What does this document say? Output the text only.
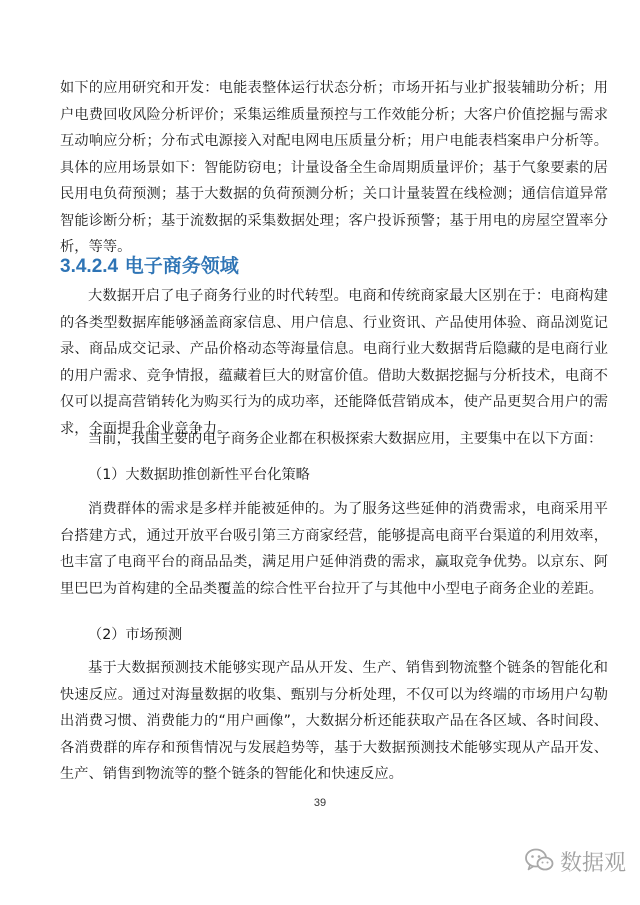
如下的应用研究和开发：电能表整体运行状态分析；市场开拓与业扩报装辅助分析；用户电费回收风险分析评价；采集运维质量预控与工作效能分析；大客户价值挖掘与需求互动响应分析；分布式电源接入对配电网电压质量分析；用户电能表档案串户分析等。具体的应用场景如下：智能防窃电；计量设备全生命周期质量评价；基于气象要素的居民用电负荷预测；基于大数据的负荷预测分析；关口计量装置在线检测；通信信道异常智能诊断分析；基于流数据的采集数据处理；客户投诉预警；基于用电的房屋空置率分析，等等。

3.4.2.4 电子商务领域

大数据开启了电子商务行业的时代转型。电商和传统商家最大区别在于：电商构建的各类型数据库能够涵盖商家信息、用户信息、行业资讯、产品使用体验、商品浏览记录、商品成交记录、产品价格动态等海量信息。电商行业大数据背后隐藏的是电商行业的用户需求、竞争情报，蕴藏着巨大的财富价值。借助大数据挖掘与分析技术，电商不仅可以提高营销转化为购买行为的成功率，还能降低营销成本，使产品更契合用户的需求，全面提升企业竞争力。

当前，我国主要的电子商务企业都在积极探索大数据应用，主要集中在以下方面：

（1）大数据助推创新性平台化策略

消费群体的需求是多样并能被延伸的。为了服务这些延伸的消费需求，电商采用平台搭建方式，通过开放平台吸引第三方商家经营，能够提高电商平台渠道的利用效率，也丰富了电商平台的商品品类，满足用户延伸消费的需求，赢取竞争优势。以京东、阿里巴巴为首构建的全品类覆盖的综合性平台拉开了与其他中小型电子商务企业的差距。

（2）市场预测

基于大数据预测技术能够实现产品从开发、生产、销售到物流整个链条的智能化和快速反应。通过对海量数据的收集、甄别与分析处理，不仅可以为终端的市场用户勾勒出消费习惯、消费能力的“用户画像”，大数据分析还能获取产品在各区域、各时间段、各消费群的库存和预售情况与发展趋势等，基于大数据预测技术能够实现从产品开发、生产、销售到物流等的整个链条的智能化和快速反应。

39
数据观
